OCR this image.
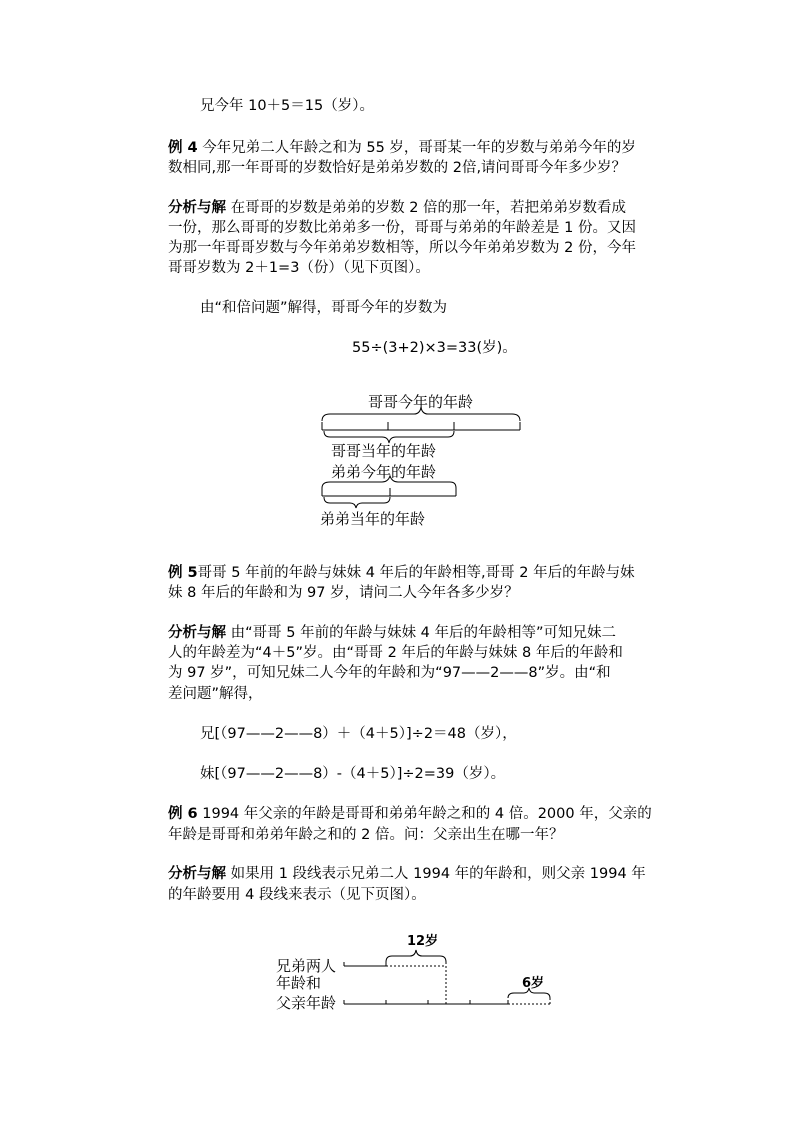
兄今年 10＋5＝15（岁）。
例 4 今年兄弟二人年龄之和为 55 岁，哥哥某一年的岁数与弟弟今年的岁
数相同,那一年哥哥的岁数恰好是弟弟岁数的 2倍,请问哥哥今年多少岁？
分析与解 在哥哥的岁数是弟弟的岁数 2 倍的那一年，若把弟弟岁数看成
一份，那么哥哥的岁数比弟弟多一份，哥哥与弟弟的年龄差是 1 份。又因
为那一年哥哥岁数与今年弟弟岁数相等，所以今年弟弟岁数为 2 份，今年
哥哥岁数为 2＋1=3（份）（见下页图）。
由“和倍问题”解得，哥哥今年的岁数为
55÷(3+2)×3=33(岁)。
哥哥今年的年龄
哥哥当年的年龄
弟弟今年的年龄
弟弟当年的年龄
例 5哥哥 5 年前的年龄与妹妹 4 年后的年龄相等,哥哥 2 年后的年龄与妹
妹 8 年后的年龄和为 97 岁，请问二人今年各多少岁？
分析与解 由“哥哥 5 年前的年龄与妹妹 4 年后的年龄相等”可知兄妹二
人的年龄差为“4＋5”岁。由“哥哥 2 年后的年龄与妹妹 8 年后的年龄和
为 97 岁”，可知兄妹二人今年的年龄和为“97——2——8”岁。由“和
差问题”解得，
兄[（97——2——8）＋（4＋5）]÷2＝48（岁），
妹[（97——2——8）-（4＋5）]÷2=39（岁）。
例 6 1994 年父亲的年龄是哥哥和弟弟年龄之和的 4 倍。2000 年，父亲的
年龄是哥哥和弟弟年龄之和的 2 倍。问：父亲出生在哪一年？
分析与解 如果用 1 段线表示兄弟二人 1994 年的年龄和，则父亲 1994 年
的年龄要用 4 段线来表示（见下页图）。
12岁
6岁
兄弟两人
年龄和
父亲年龄
